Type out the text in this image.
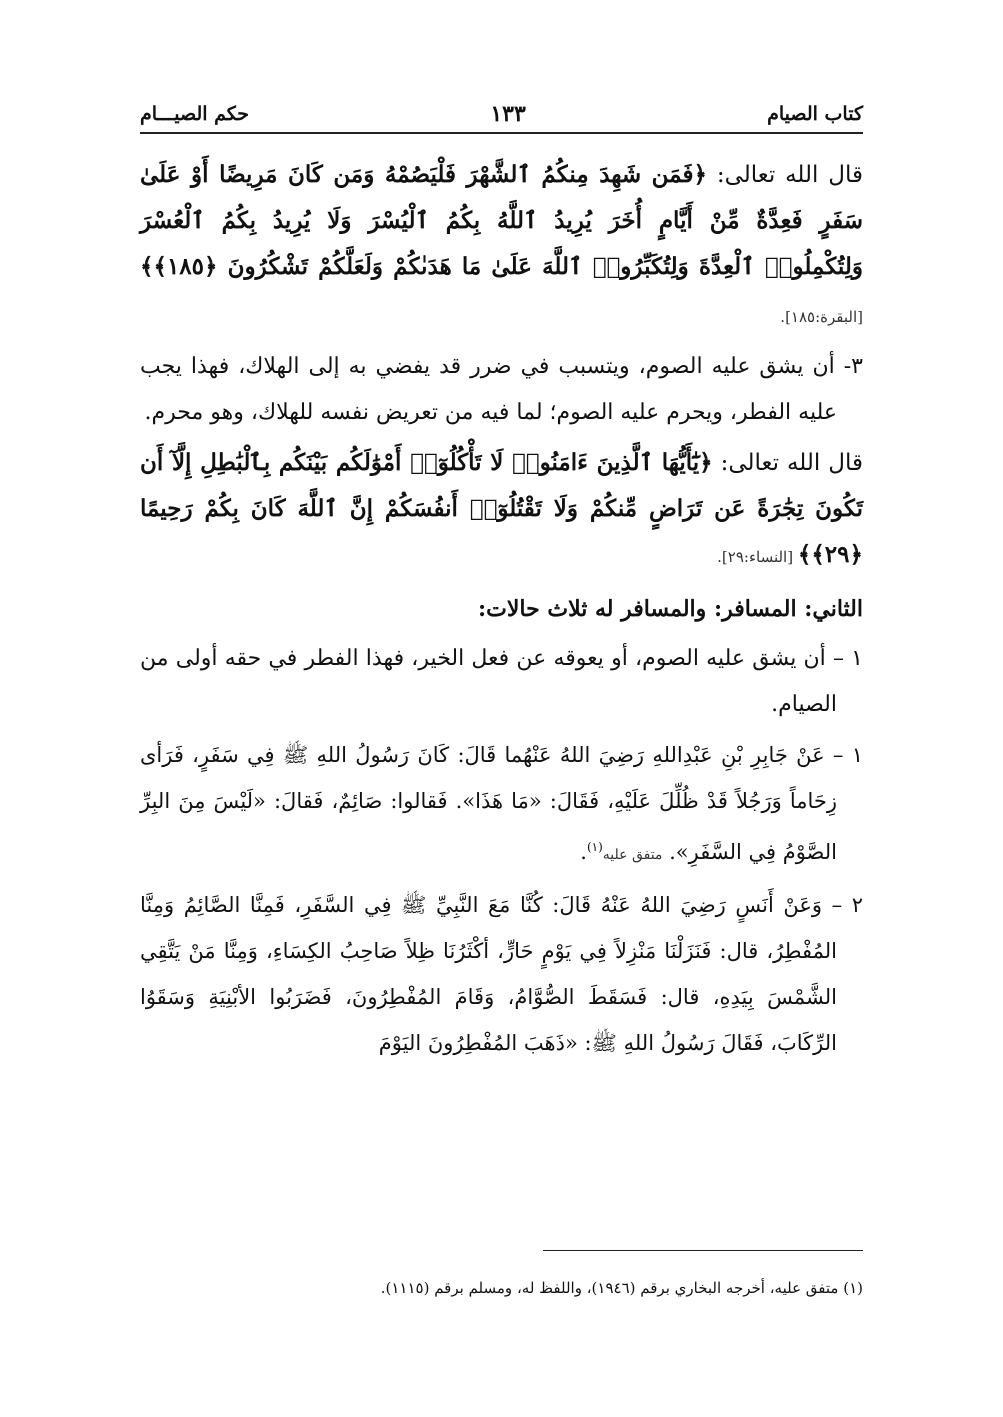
كتاب الصيام
١٣٣
حكم الصيـــام

قال الله تعالى: ﴿فَمَن شَهِدَ مِنكُمُ ٱلشَّهْرَ فَلْيَصُمْهُ وَمَن كَانَ مَرِيضًا أَوْ عَلَىٰ سَفَرٍ فَعِدَّةٌ مِّنْ أَيَّامٍ أُخَرَ يُرِيدُ ٱللَّهُ بِكُمُ ٱلْيُسْرَ وَلَا يُرِيدُ بِكُمُ ٱلْعُسْرَ وَلِتُكْمِلُوا۟ ٱلْعِدَّةَ وَلِتُكَبِّرُوا۟ ٱللَّهَ عَلَىٰ مَا هَدَىٰكُمْ وَلَعَلَّكُمْ تَشْكُرُونَ ﴿١٨٥﴾﴾ [البقرة:١٨٥].

٣- أن يشق عليه الصوم، ويتسبب في ضرر قد يفضي به إلى الهلاك، فهذا يجب عليه الفطر، ويحرم عليه الصوم؛ لما فيه من تعريض نفسه للهلاك، وهو محرم.

قال الله تعالى: ﴿يَٰٓأَيُّهَا ٱلَّذِينَ ءَامَنُوا۟ لَا تَأْكُلُوٓا۟ أَمْوَٰلَكُم بَيْنَكُم بِٱلْبَٰطِلِ إِلَّآ أَن تَكُونَ تِجَٰرَةً عَن تَرَاضٍ مِّنكُمْ وَلَا تَقْتُلُوٓا۟ أَنفُسَكُمْ إِنَّ ٱللَّهَ كَانَ بِكُمْ رَحِيمًا ﴿٢٩﴾﴾ [النساء:٢٩].

الثاني: المسافر: والمسافر له ثلاث حالات:

١ – أن يشق عليه الصوم، أو يعوقه عن فعل الخير، فهذا الفطر في حقه أولى من الصيام.

١ – عَنْ جَابِرِ بْنِ عَبْدِاللهِ رَضِيَ اللهُ عَنْهُما قَالَ: كَانَ رَسُولُ اللهِ ﷺ فِي سَفَرٍ، فَرَأى زِحَاماً وَرَجُلاً قَدْ ظُلِّلَ عَلَيْهِ، فَقَالَ: «مَا هَذَا». فَقالوا: صَائِمٌ، فَقالَ: «لَيْسَ مِنَ البِرِّ الصَّوْمُ فِي السَّفَرِ». متفق عليه$^{(١)}$.

٢ – وَعَنْ أَنَسٍ رَضِيَ اللهُ عَنْهُ قَالَ: كُنَّا مَعَ النَّبِيِّ ﷺ فِي السَّفَرِ، فَمِنَّا الصَّائِمُ وَمِنَّا المُفْطِرُ، قال: فَنَزَلْنَا مَنْزِلاً فِي يَوْمٍ حَارٍّ، أكْثَرُنَا ظِلاً صَاحِبُ الكِسَاءِ، وَمِنَّا مَنْ يَتَّقِي الشَّمْسَ بِيَدِهِ، قال: فَسَقَطَ الصُّوَّامُ، وَقَامَ المُفْطِرُونَ، فَضَرَبُوا الأبْنِيَةِ وَسَقَوُا الرِّكَابَ، فَقَالَ رَسُولُ اللهِ ﷺ: «ذَهَبَ المُفْطِرُونَ اليَوْمَ

(١) متفق عليه، أخرجه البخاري برقم (١٩٤٦)، واللفظ له، ومسلم برقم (١١١٥).
